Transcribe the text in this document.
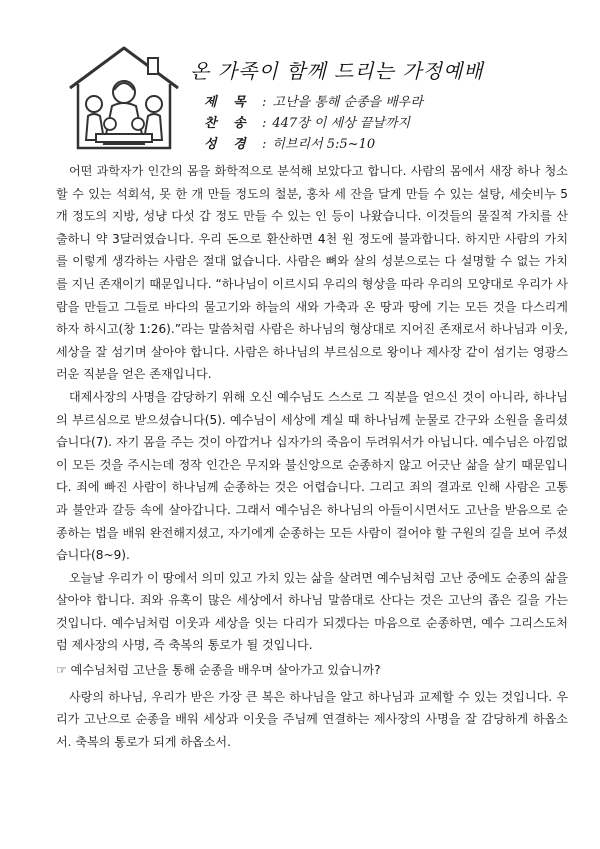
온 가족이 함께 드리는 가정예배
제 목 : 고난을 통해 순종을 배우라
찬 송 : 447장 이 세상 끝날까지
성 경 : 히브리서 5:5~10

어떤 과학자가 인간의 몸을 화학적으로 분석해 보았다고 합니다. 사람의 몸에서 새장 하나 청소할 수 있는 석회석, 못 한 개 만들 정도의 철분, 홍차 세 잔을 달게 만들 수 있는 설탕, 세숫비누 5개 정도의 지방, 성냥 다섯 갑 정도 만들 수 있는 인 등이 나왔습니다. 이것들의 물질적 가치를 산출하니 약 3달러였습니다. 우리 돈으로 환산하면 4천 원 정도에 불과합니다. 하지만 사람의 가치를 이렇게 생각하는 사람은 절대 없습니다. 사람은 뼈와 살의 성분으로는 다 설명할 수 없는 가치를 지닌 존재이기 때문입니다. “하나님이 이르시되 우리의 형상을 따라 우리의 모양대로 우리가 사람을 만들고 그들로 바다의 물고기와 하늘의 새와 가축과 온 땅과 땅에 기는 모든 것을 다스리게 하자 하시고(창 1:26).”라는 말씀처럼 사람은 하나님의 형상대로 지어진 존재로서 하나님과 이웃, 세상을 잘 섬기며 살아야 합니다. 사람은 하나님의 부르심으로 왕이나 제사장 같이 섬기는 영광스러운 직분을 얻은 존재입니다.

대제사장의 사명을 감당하기 위해 오신 예수님도 스스로 그 직분을 얻으신 것이 아니라, 하나님의 부르심으로 받으셨습니다(5). 예수님이 세상에 계실 때 하나님께 눈물로 간구와 소원을 올리셨습니다(7). 자기 몸을 주는 것이 아깝거나 십자가의 죽음이 두려워서가 아닙니다. 예수님은 아낌없이 모든 것을 주시는데 정작 인간은 무지와 불신앙으로 순종하지 않고 어긋난 삶을 살기 때문입니다. 죄에 빠진 사람이 하나님께 순종하는 것은 어렵습니다. 그리고 죄의 결과로 인해 사람은 고통과 불안과 갈등 속에 살아갑니다. 그래서 예수님은 하나님의 아들이시면서도 고난을 받음으로 순종하는 법을 배워 완전해지셨고, 자기에게 순종하는 모든 사람이 걸어야 할 구원의 길을 보여 주셨습니다(8~9).

오늘날 우리가 이 땅에서 의미 있고 가치 있는 삶을 살려면 예수님처럼 고난 중에도 순종의 삶을 살아야 합니다. 죄와 유혹이 많은 세상에서 하나님 말씀대로 산다는 것은 고난의 좁은 길을 가는 것입니다. 예수님처럼 이웃과 세상을 잇는 다리가 되겠다는 마음으로 순종하면, 예수 그리스도처럼 제사장의 사명, 즉 축복의 통로가 될 것입니다.

☞ 예수님처럼 고난을 통해 순종을 배우며 살아가고 있습니까?

사랑의 하나님, 우리가 받은 가장 큰 복은 하나님을 알고 하나님과 교제할 수 있는 것입니다. 우리가 고난으로 순종을 배워 세상과 이웃을 주님께 연결하는 제사장의 사명을 잘 감당하게 하옵소서. 축복의 통로가 되게 하옵소서.
